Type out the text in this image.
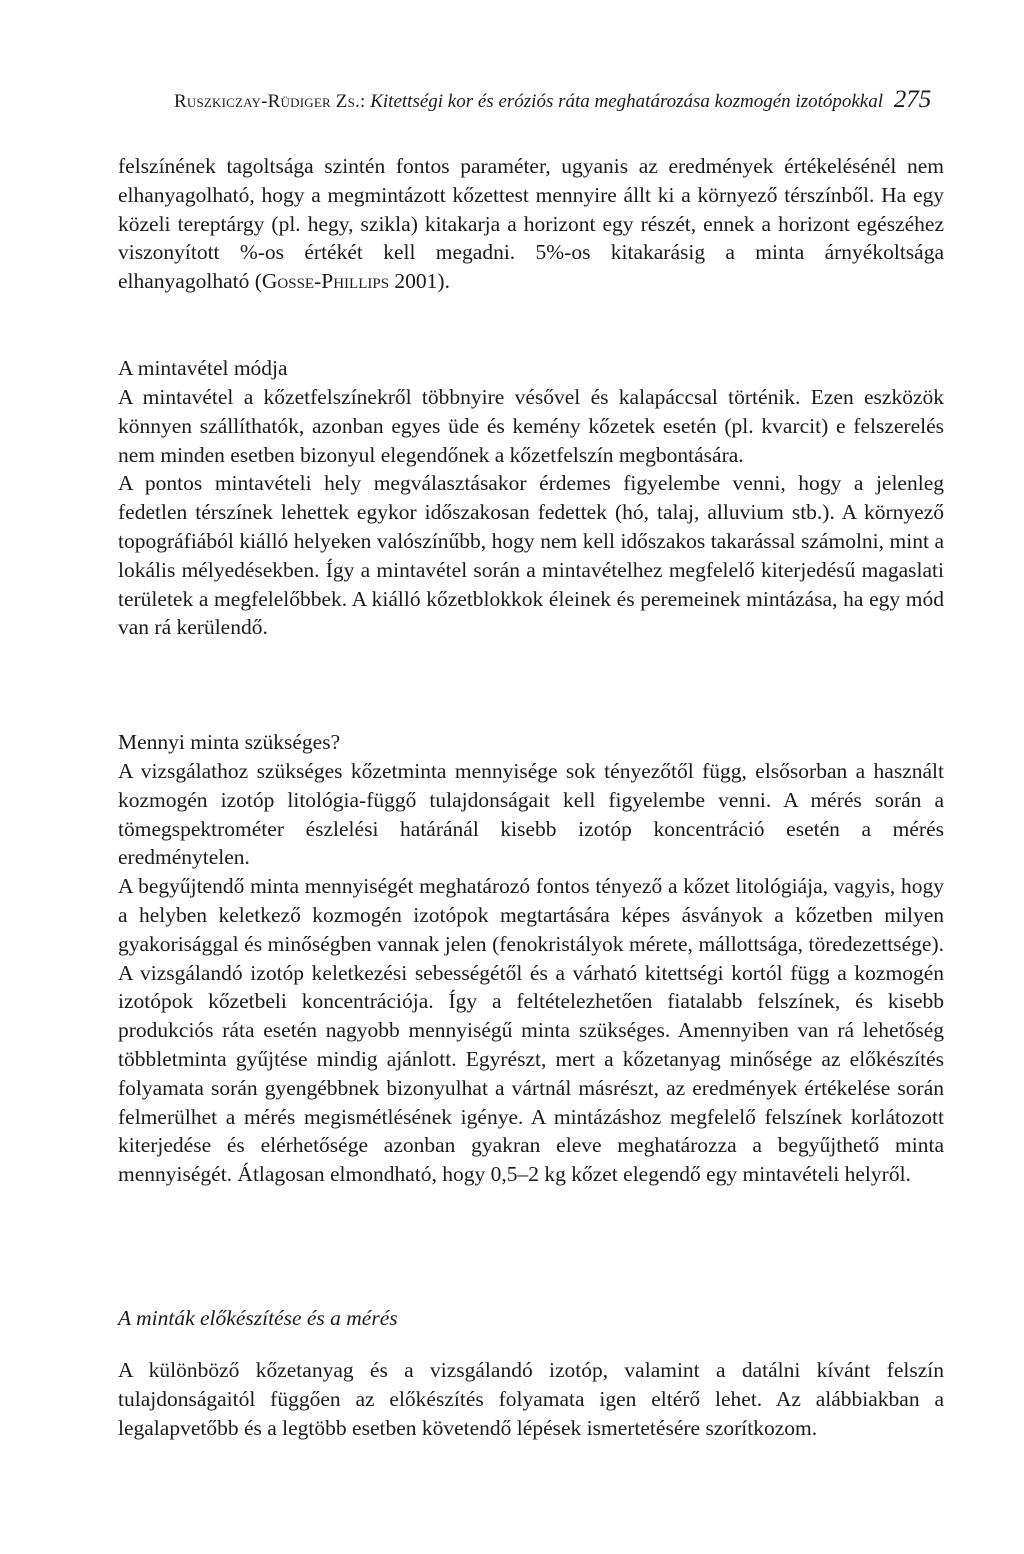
Ruszkiczay-Rüdiger Zs.: Kitettségi kor és eróziós ráta meghatározása kozmogén izotópokkal 275

felszínének tagoltsága szintén fontos paraméter, ugyanis az eredmények értékelésénél nem elhanyagolható, hogy a megmintázott kőzettest mennyire állt ki a környező térszínből. Ha egy közeli tereptárgy (pl. hegy, szikla) kitakarja a horizont egy részét, ennek a horizont egészéhez viszonyított %-os értékét kell megadni. 5%-os kitakarásig a minta árnyékoltsága elhanyagolható (Gosse-Phillips 2001).

A mintavétel módja

A mintavétel a kőzetfelszínekről többnyire vésővel és kalapáccsal történik. Ezen eszközök könnyen szállíthatók, azonban egyes üde és kemény kőzetek esetén (pl. kvarcit) e felszerelés nem minden esetben bizonyul elegendőnek a kőzetfelszín megbontására.

A pontos mintavételi hely megválasztásakor érdemes figyelembe venni, hogy a jelenleg fedetlen térszínek lehettek egykor időszakosan fedettek (hó, talaj, alluvium stb.). A környező topográfiából kiálló helyeken valószínűbb, hogy nem kell időszakos takarással számolni, mint a lokális mélyedésekben. Így a mintavétel során a mintavételhez megfelelő kiterjedésű magaslati területek a megfelelőbbek. A kiálló kőzetblokkok éleinek és peremeinek mintázása, ha egy mód van rá kerülendő.

Mennyi minta szükséges?

A vizsgálathoz szükséges kőzetminta mennyisége sok tényezőtől függ, elsősorban a használt kozmogén izotóp litológia-függő tulajdonságait kell figyelembe venni. A mérés során a tömegspektrométer észlelési határánál kisebb izotóp koncentráció esetén a mérés eredménytelen.

A begyűjtendő minta mennyiségét meghatározó fontos tényező a kőzet litológiája, vagyis, hogy a helyben keletkező kozmogén izotópok megtartására képes ásványok a kőzetben milyen gyakorisággal és minőségben vannak jelen (fenokristályok mérete, mállottsága, töredezettsége). A vizsgálandó izotóp keletkezési sebességétől és a várható kitettségi kortól függ a kozmogén izotópok kőzetbeli koncentrációja. Így a feltételezhetően fiatalabb felszínek, és kisebb produkciós ráta esetén nagyobb mennyiségű minta szükséges. Amennyiben van rá lehetőség többletminta gyűjtése mindig ajánlott. Egyrészt, mert a kőzetanyag minősége az előkészítés folyamata során gyengébbnek bizonyulhat a vártnál másrészt, az eredmények értékelése során felmerülhet a mérés megismétlésének igénye. A mintázáshoz megfelelő felszínek korlátozott kiterjedése és elérhetősége azonban gyakran eleve meghatározza a begyűjthető minta mennyiségét. Átlagosan elmondható, hogy 0,5–2 kg kőzet elegendő egy mintavételi helyről.

A minták előkészítése és a mérés

A különböző kőzetanyag és a vizsgálandó izotóp, valamint a datálni kívánt felszín tulajdonságaitól függően az előkészítés folyamata igen eltérő lehet. Az alábbiakban a legalapvetőbb és a legtöbb esetben követendő lépések ismertetésére szorítkozom.
